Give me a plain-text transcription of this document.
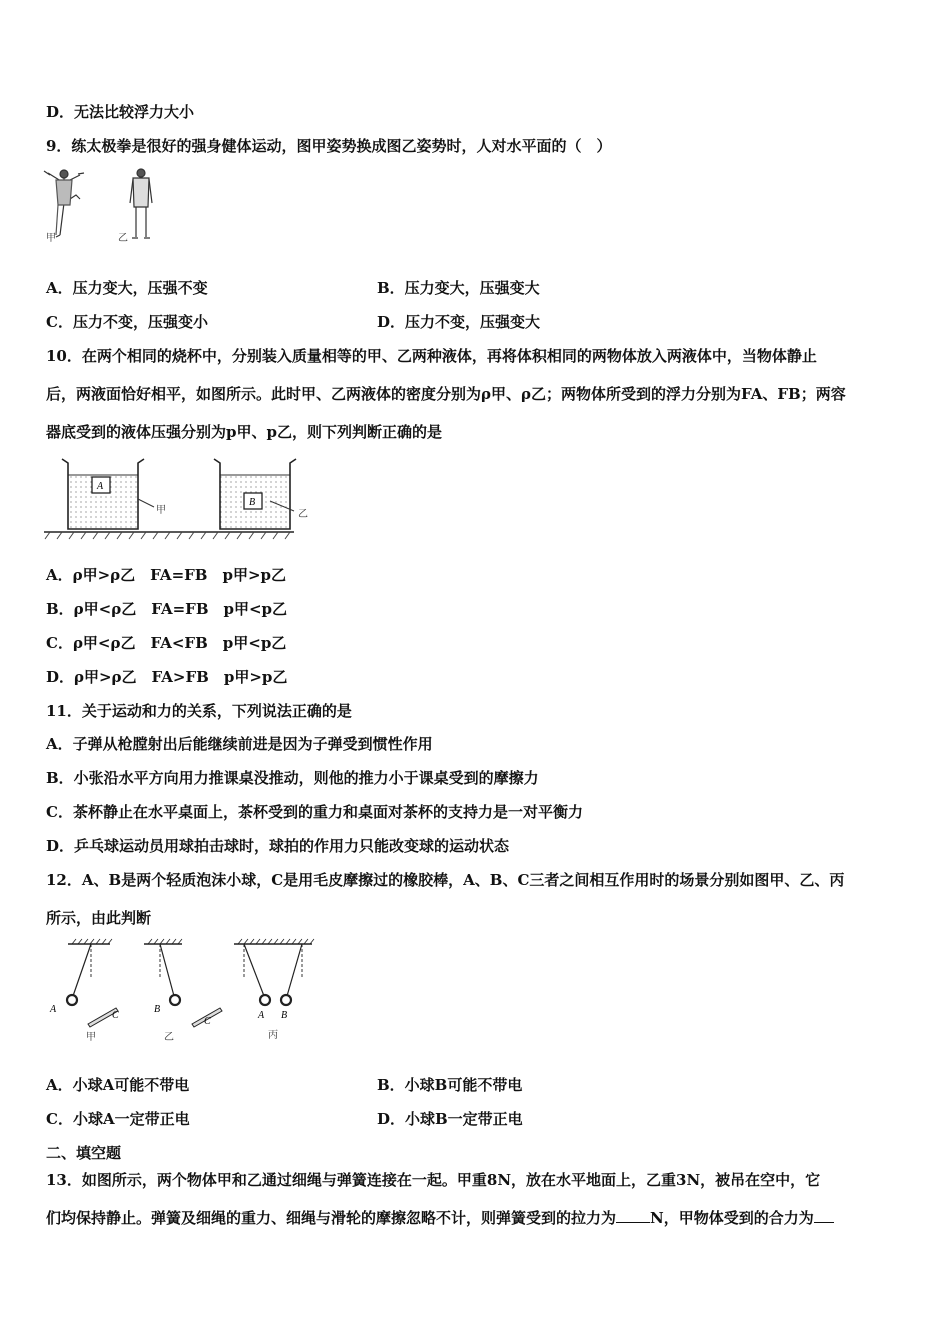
D．无法比较浮力大小
9．练太极拳是很好的强身健体运动，图甲姿势换成图乙姿势时，人对水平面的（　）
甲	乙
A．压力变大，压强不变	B．压力变大，压强变大
C．压力不变，压强变小	D．压力不变，压强变大
10．在两个相同的烧杯中，分别装入质量相等的甲、乙两种液体，再将体积相同的两物体放入两液体中，当物体静止
后，两液面恰好相平，如图所示。此时甲、乙两液体的密度分别为ρ甲、ρ乙；两物体所受到的浮力分别为FA、FB；两容
器底受到的液体压强分别为p甲、p乙，则下列判断正确的是
A
甲
B
乙
A．ρ甲>ρ乙　FA=FB　p甲>p乙
B．ρ甲<ρ乙　FA=FB　p甲<p乙
C．ρ甲<ρ乙　FA<FB　p甲<p乙
D．ρ甲>ρ乙　FA>FB　p甲>p乙
11．关于运动和力的关系，下列说法正确的是
A．子弹从枪膛射出后能继续前进是因为子弹受到惯性作用
B．小张沿水平方向用力推课桌没推动，则他的推力小于课桌受到的摩擦力
C．茶杯静止在水平桌面上，茶杯受到的重力和桌面对茶杯的支持力是一对平衡力
D．乒乓球运动员用球拍击球时，球拍的作用力只能改变球的运动状态
12．A、B是两个轻质泡沫小球，C是用毛皮摩擦过的橡胶棒，A、B、C三者之间相互作用时的场景分别如图甲、乙、丙
所示，由此判断
A
C
甲
B
C
乙
A B
丙
A．小球A可能不带电	B．小球B可能不带电
C．小球A一定带正电	D．小球B一定带正电
二、填空题
13．如图所示，两个物体甲和乙通过细绳与弹簧连接在一起。甲重8N，放在水平地面上，乙重3N，被吊在空中，它
们均保持静止。弹簧及细绳的重力、细绳与滑轮的摩擦忽略不计，则弹簧受到的拉力为 N，甲物体受到的合力为
